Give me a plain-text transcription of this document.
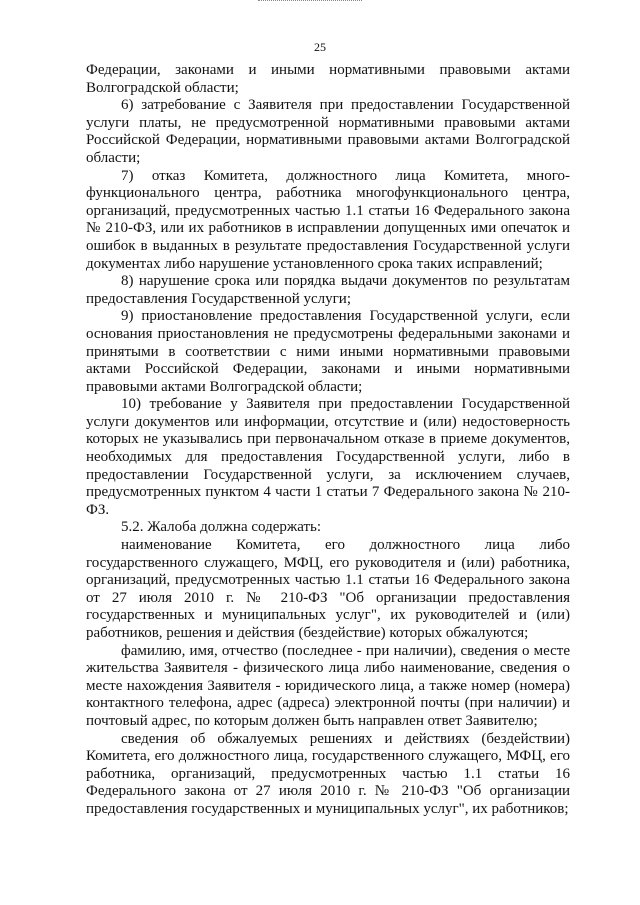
25

Федерации, законами и иными нормативными правовыми актами Волгоградской области;

6) затребование с Заявителя при предоставлении Государственной услуги платы, не предусмотренной нормативными правовыми актами Российской Федерации, нормативными правовыми актами Волгоградской области;

7) отказ Комитета, должностного лица Комитета, много-функционального центра, работника многофункционального центра, организаций, предусмотренных частью 1.1 статьи 16 Федерального закона № 210-ФЗ, или их работников в исправлении допущенных ими опечаток и ошибок в выданных в результате предоставления Государственной услуги документах либо нарушение установленного срока таких исправлений;

8) нарушение срока или порядка выдачи документов по результатам предоставления Государственной услуги;

9) приостановление предоставления Государственной услуги, если основания приостановления не предусмотрены федеральными законами и принятыми в соответствии с ними иными нормативными правовыми актами Российской Федерации, законами и иными нормативными правовыми актами Волгоградской области;

10) требование у Заявителя при предоставлении Государственной услуги документов или информации, отсутствие и (или) недостоверность которых не указывались при первоначальном отказе в приеме документов, необходимых для предоставления Государственной услуги, либо в предоставлении Государственной услуги, за исключением случаев, предусмотренных пунктом 4 части 1 статьи 7 Федерального закона № 210-ФЗ.

5.2. Жалоба должна содержать:

наименование Комитета, его должностного лица либо государственного служащего, МФЦ, его руководителя и (или) работника, организаций, предусмотренных частью 1.1 статьи 16 Федерального закона от 27 июля 2010 г. № 210-ФЗ "Об организации предоставления государственных и муниципальных услуг", их руководителей и (или) работников, решения и действия (бездействие) которых обжалуются;

фамилию, имя, отчество (последнее - при наличии), сведения о месте жительства Заявителя - физического лица либо наименование, сведения о месте нахождения Заявителя - юридического лица, а также номер (номера) контактного телефона, адрес (адреса) электронной почты (при наличии) и почтовый адрес, по которым должен быть направлен ответ Заявителю;

сведения об обжалуемых решениях и действиях (бездействии) Комитета, его должностного лица, государственного служащего, МФЦ, его работника, организаций, предусмотренных частью 1.1 статьи 16 Федерального закона от 27 июля 2010 г. № 210-ФЗ "Об организации предоставления государственных и муниципальных услуг", их работников;
